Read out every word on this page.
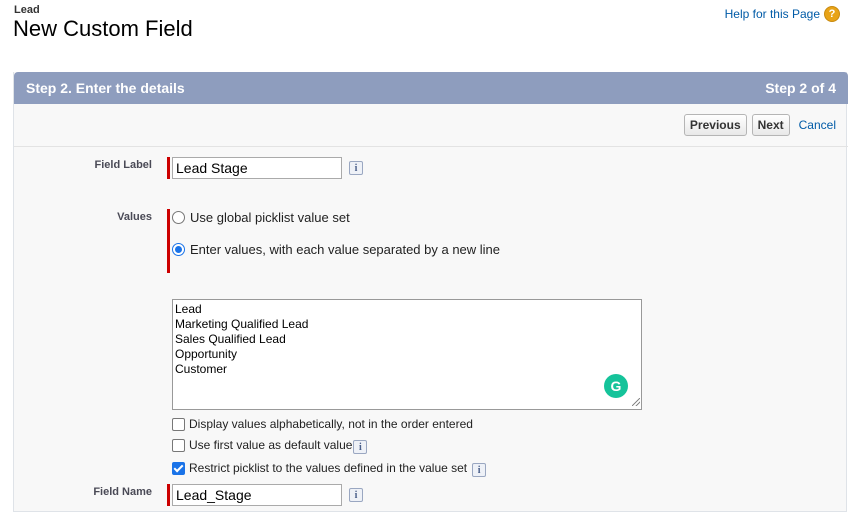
Lead
New Custom Field
Help for this Page ?
Step 2. Enter the details	Step 2 of 4
Previous	Next	Cancel
Field Label Lead Stage	i
Values	Use global picklist value set
Enter values, with each value separated by a new line
Lead
Marketing Qualified Lead
Sales Qualified Lead
Opportunity
Customer
G
Display values alphabetically, not in the order entered
Use first value as default value i
Restrict picklist to the values defined in the value set	i
Field Name Lead_Stage	i
